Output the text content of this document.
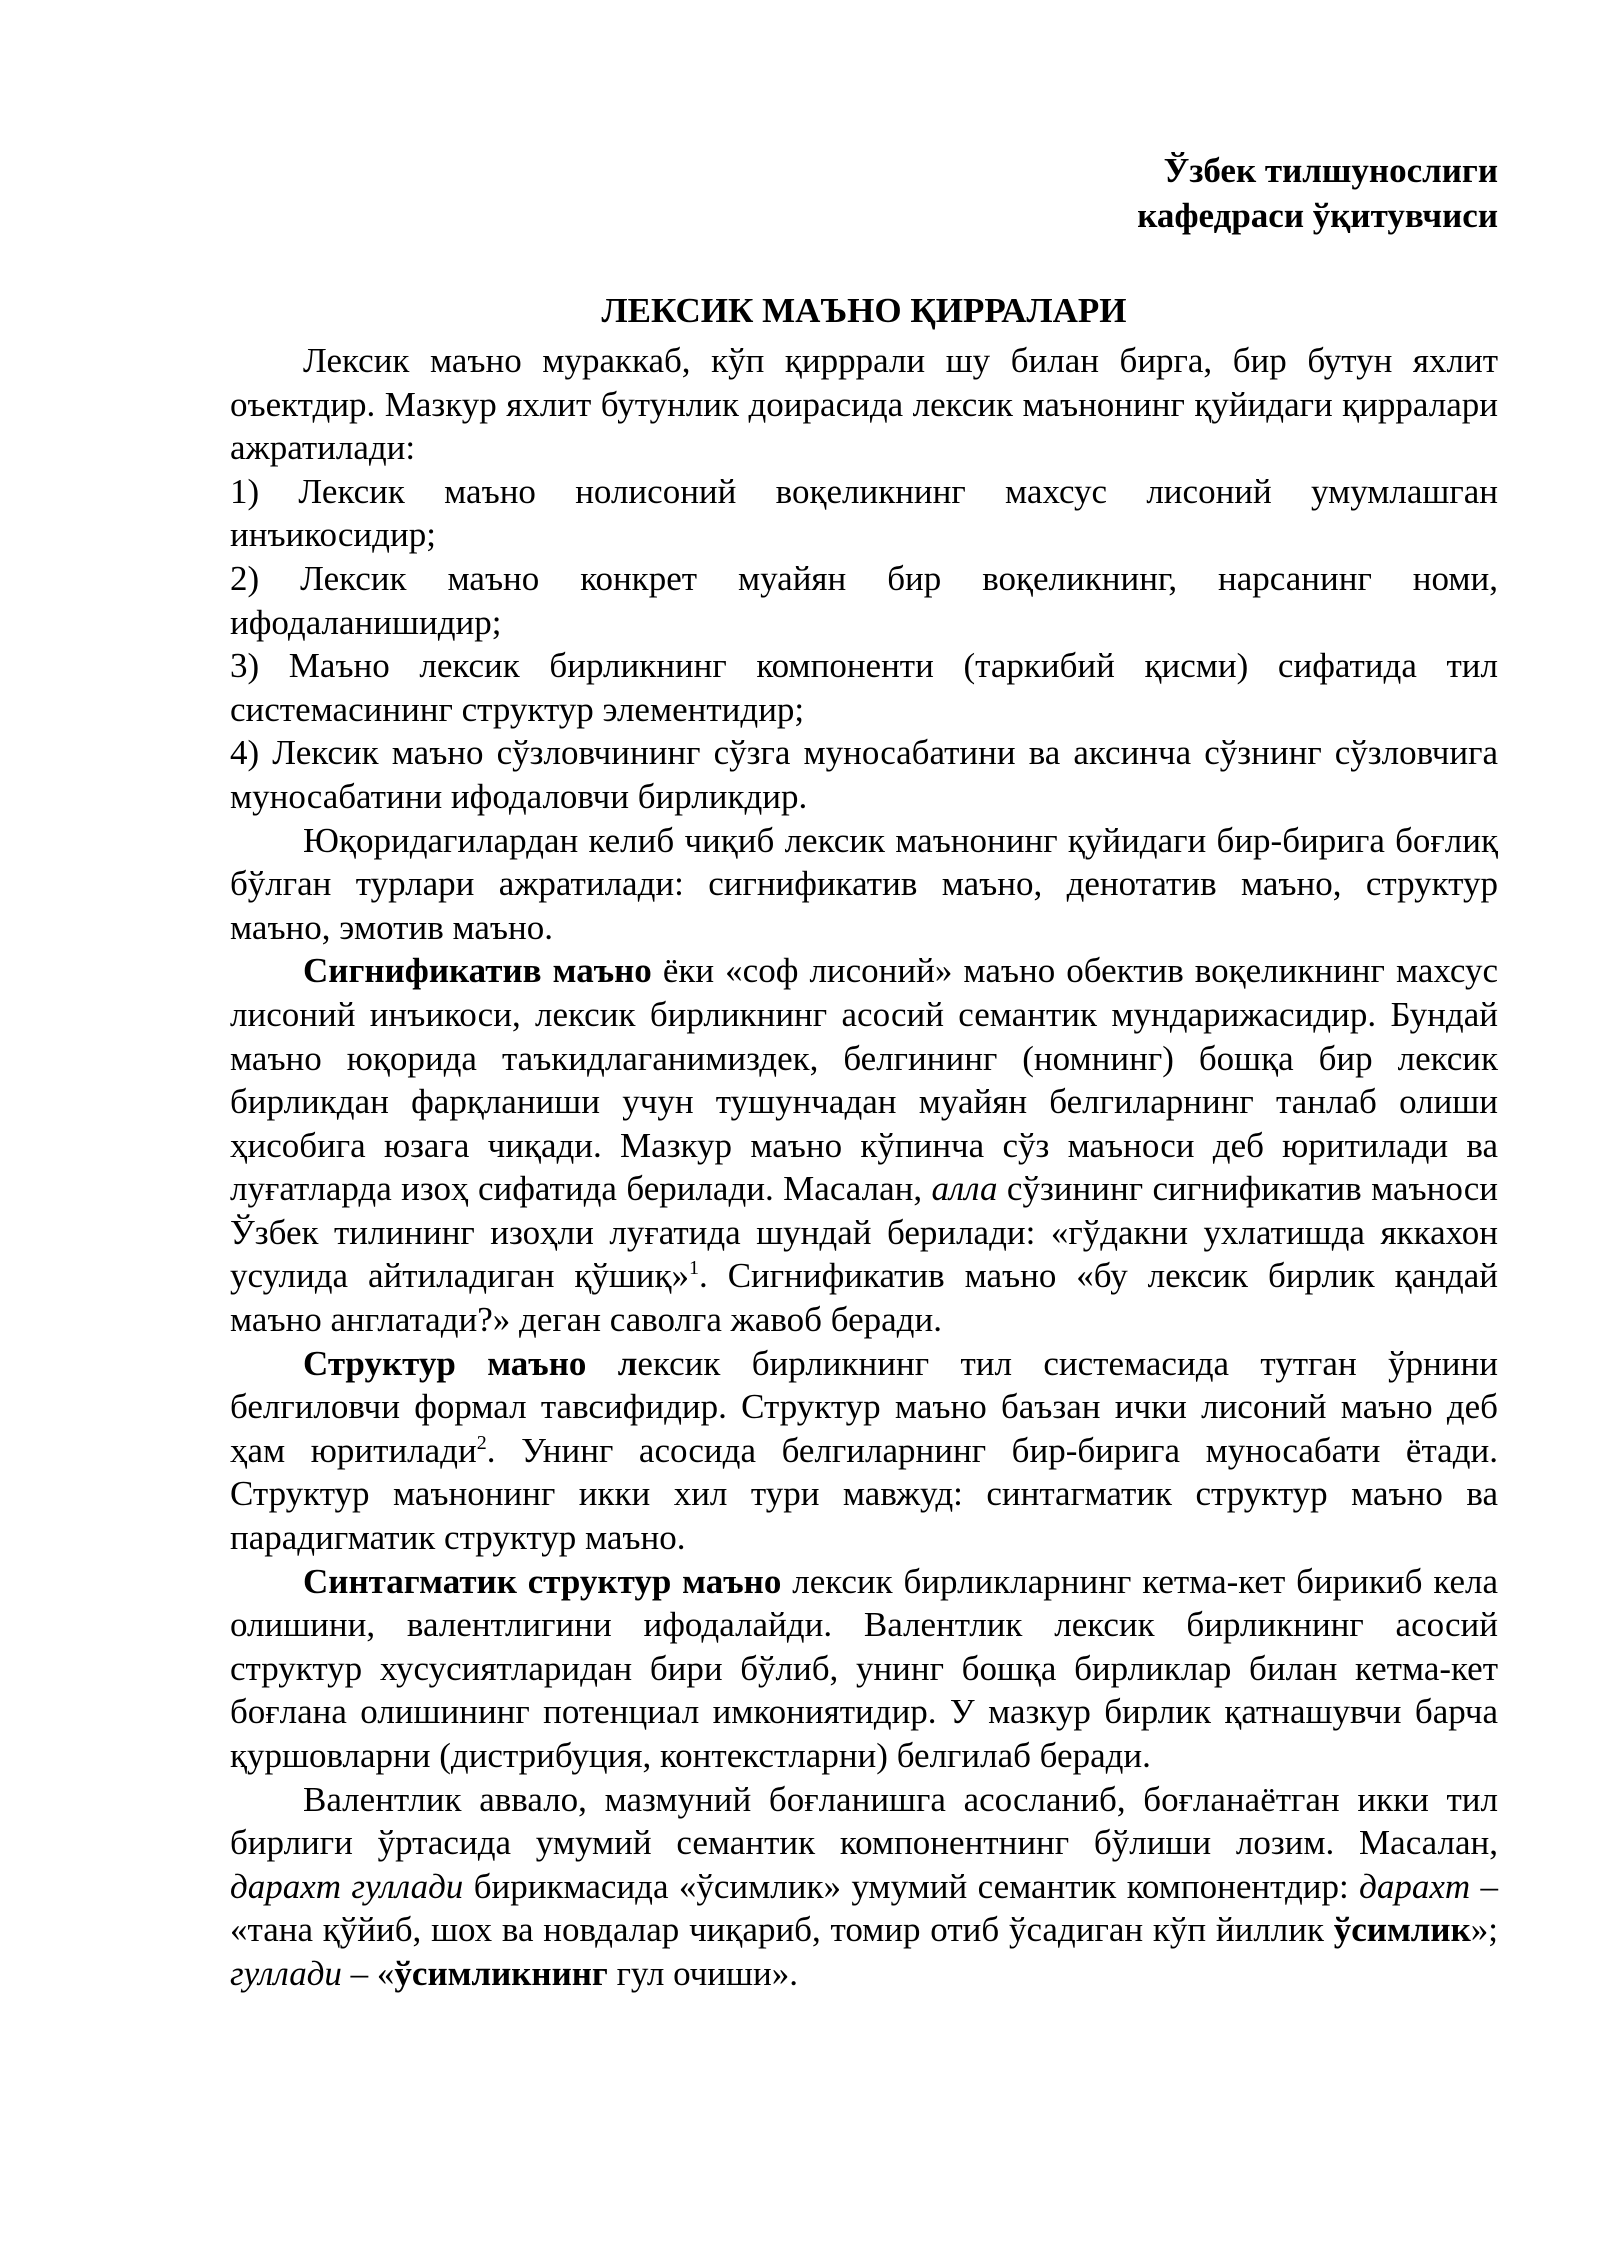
Ўзбек тилшунослиги
кафедраси ўқитувчиси
ЛЕКСИК МАЪНО ҚИРРАЛАРИ

Лексик маъно мураккаб, кўп қирррали шу билан бирга, бир бутун яхлит оъектдир. Мазкур яхлит бутунлик доирасида лексик маънонинг қуйидаги қирралари ажратилади:

1) Лексик маъно нолисоний воқеликнинг махсус лисоний умумлашган инъикосидир;

2) Лексик маъно конкрет муайян бир воқеликнинг, нарсанинг номи, ифодаланишидир;

3) Маъно лексик бирликнинг компоненти (таркибий қисми) сифатида тил системасининг структур элементидир;

4) Лексик маъно сўзловчининг сўзга муносабатини ва аксинча сўзнинг сўзловчига муносабатини ифодаловчи бирликдир.

Юқоридагилардан келиб чиқиб лексик маънонинг қуйидаги бир-бирига боғлиқ бўлган турлари ажратилади: сигнификатив маъно, денотатив маъно, структур маъно, эмотив маъно.

Сигнификатив маъно ёки «соф лисоний» маъно обектив воқеликнинг махсус лисоний инъикоси, лексик бирликнинг асосий семантик мундарижасидир. Бундай маъно юқорида таъкидлаганимиздек, белгининг (номнинг) бошқа бир лексик бирликдан фарқланиши учун тушунчадан муайян белгиларнинг танлаб олиши ҳисобига юзага чиқади. Мазкур маъно кўпинча сўз маъноси деб юритилади ва луғатларда изоҳ сифатида берилади. Масалан, алла сўзининг сигнификатив маъноси Ўзбек тилининг изоҳли луғатида шундай берилади: «гўдакни ухлатишда яккахон усулида айтиладиган қўшиқ»$^1$. Сигнификатив маъно «бу лексик бирлик қандай маъно англатади?» деган саволга жавоб беради.

Структур маъно лексик бирликнинг тил системасида тутган ўрнини белгиловчи формал тавсифидир. Структур маъно баъзан ички лисоний маъно деб ҳам юритилади$^2$. Унинг асосида белгиларнинг бир-бирига муносабати ётади. Структур маънонинг икки хил тури мавжуд: синтагматик структур маъно ва парадигматик структур маъно.

Синтагматик структур маъно лексик бирликларнинг кетма-кет бирикиб кела олишини, валентлигини ифодалайди. Валентлик лексик бирликнинг асосий структур хусусиятларидан бири бўлиб, унинг бошқа бирликлар билан кетма-кет боғлана олишининг потенциал имкониятидир. У мазкур бирлик қатнашувчи барча қуршовларни (дистрибуция, контекстларни) белгилаб беради.

Валентлик аввало, мазмуний боғланишга асосланиб, боғланаётган икки тил бирлиги ўртасида умумий семантик компонентнинг бўлиши лозим. Масалан, дарахт гуллади бирикмасида «ўсимлик» умумий семантик компонентдир: дарахт – «тана қўйиб, шох ва новдалар чиқариб, томир отиб ўсадиган кўп йиллик ўсимлик»; гуллади – «ўсимликнинг гул очиши».
